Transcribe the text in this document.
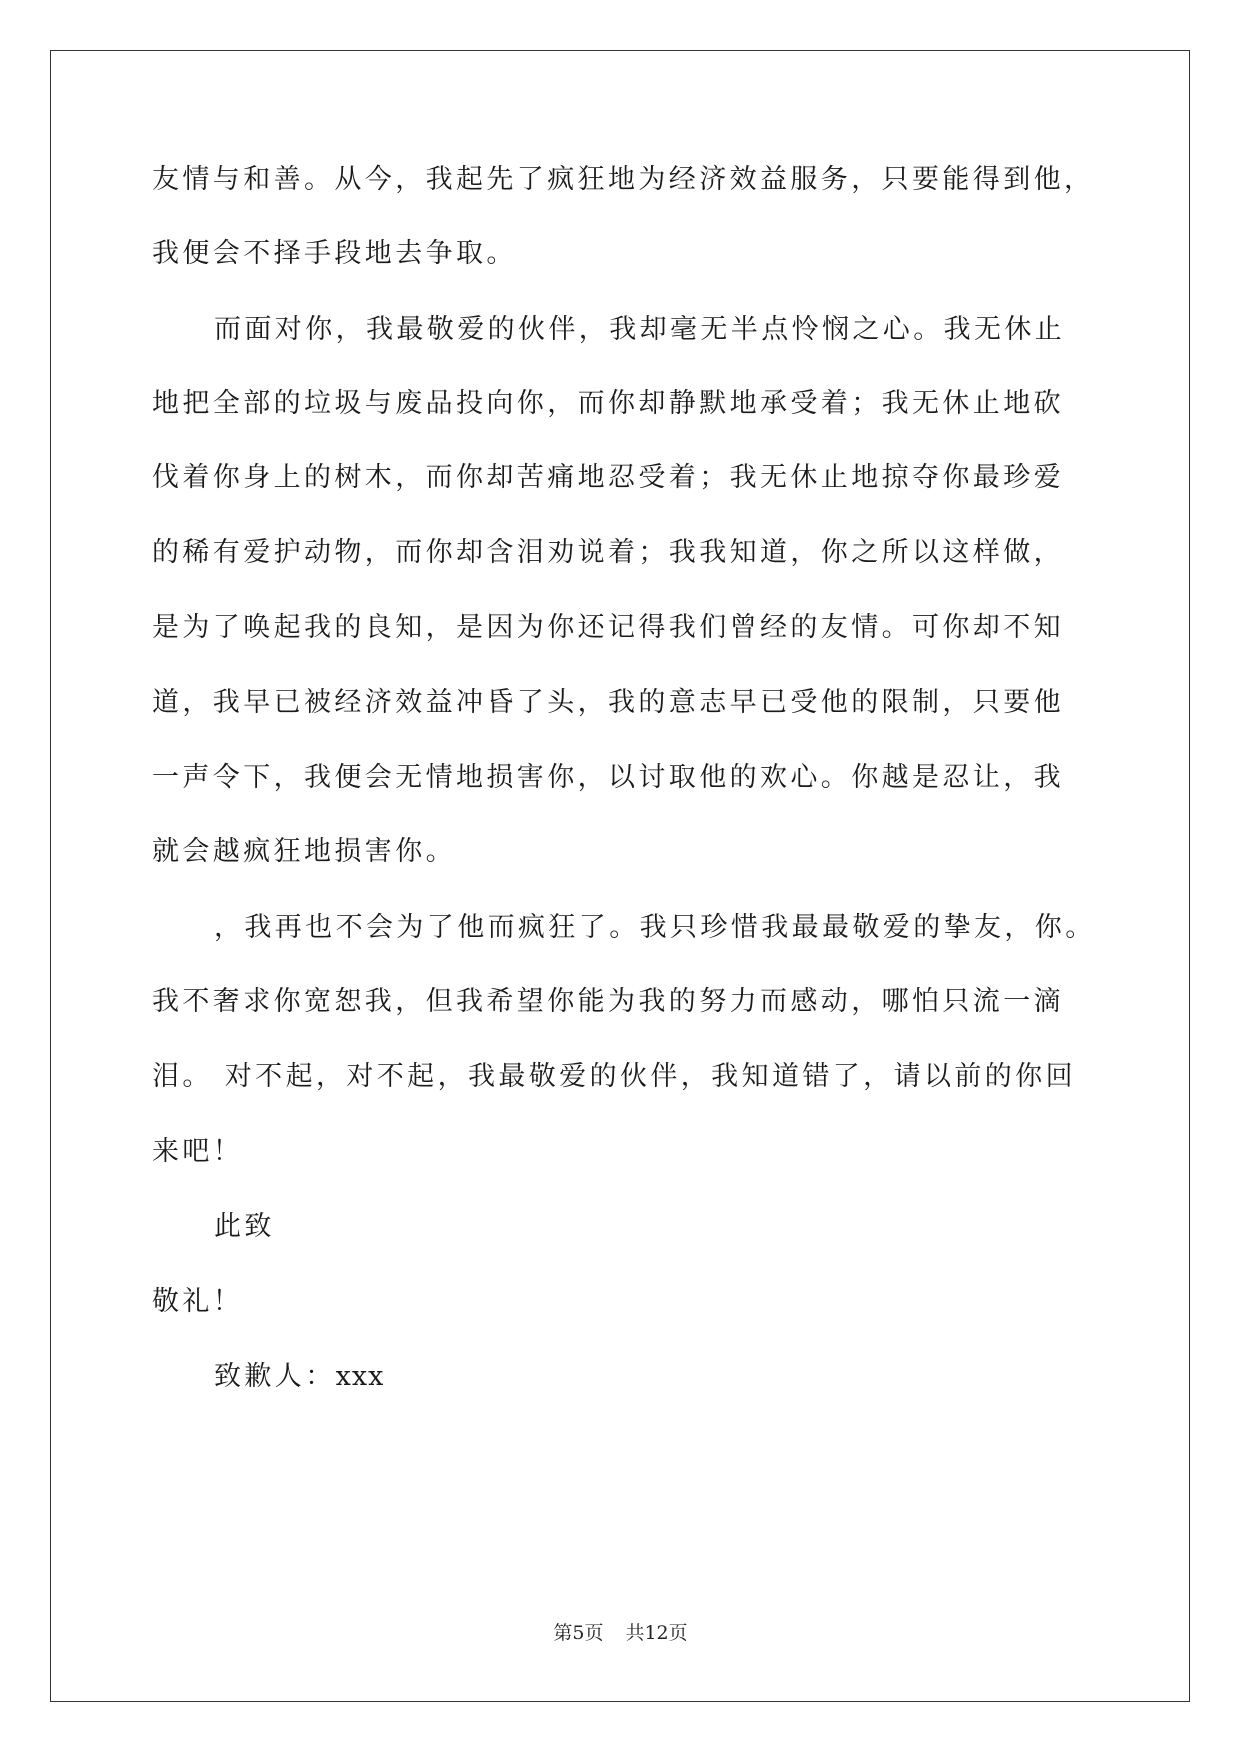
友情与和善。从今，我起先了疯狂地为经济效益服务，只要能得到他，
我便会不择手段地去争取。
而面对你，我最敬爱的伙伴，我却毫无半点怜悯之心。我无休止
地把全部的垃圾与废品投向你，而你却静默地承受着；我无休止地砍
伐着你身上的树木，而你却苦痛地忍受着；我无休止地掠夺你最珍爱
的稀有爱护动物，而你却含泪劝说着；我我知道，你之所以这样做，
是为了唤起我的良知，是因为你还记得我们曾经的友情。可你却不知
道，我早已被经济效益冲昏了头，我的意志早已受他的限制，只要他
一声令下，我便会无情地损害你，以讨取他的欢心。你越是忍让，我
就会越疯狂地损害你。
，我再也不会为了他而疯狂了。我只珍惜我最最敬爱的挚友，你。
我不奢求你宽恕我，但我希望你能为我的努力而感动，哪怕只流一滴
泪。 对不起，对不起，我最敬爱的伙伴，我知道错了，请以前的你回
来吧！
此致
敬礼！
致歉人：xxx
第5页 共12页
